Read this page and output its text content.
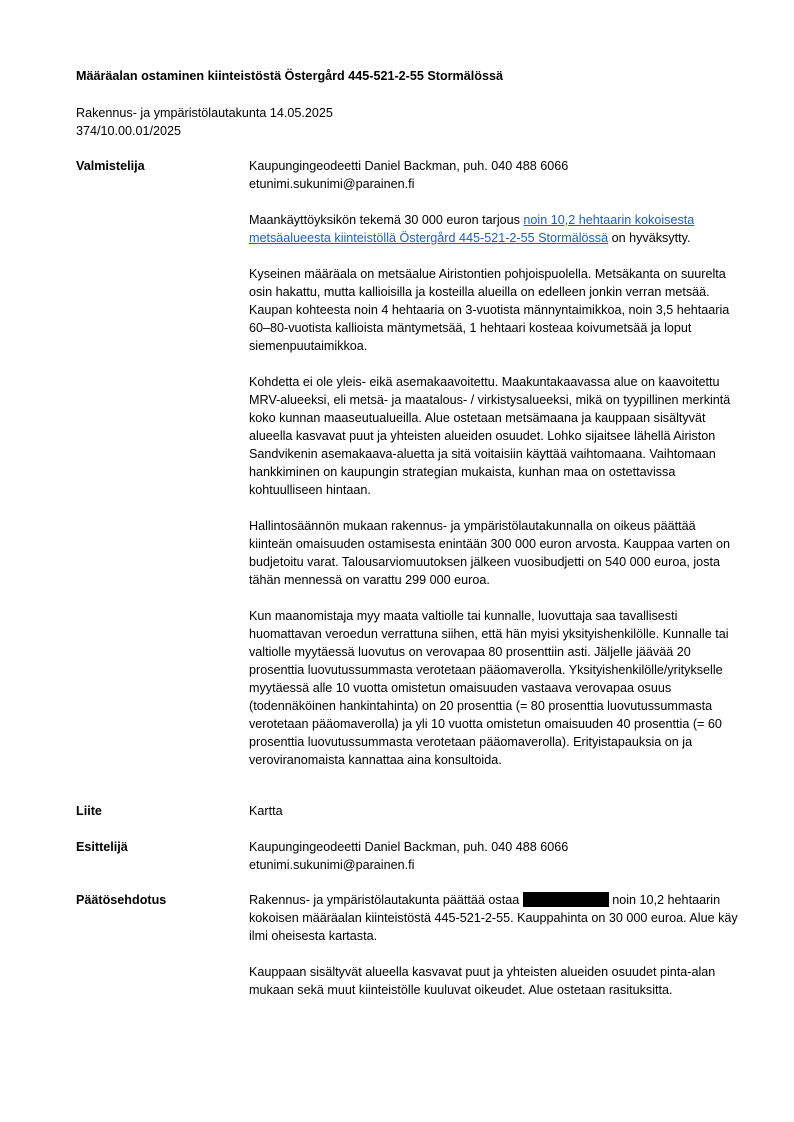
Määräalan ostaminen kiinteistöstä Östergård 445-521-2-55 Stormälössä
Rakennus- ja ympäristölautakunta 14.05.2025
374/10.00.01/2025
Valmistelija	Kaupungingeodeetti Daniel Backman, puh. 040 488 6066
etunimi.sukunimi@parainen.fi

Maankäyttöyksikön tekemä 30 000 euron tarjous noin 10,2 hehtaarin kokoisesta metsäalueesta kiinteistöllä Östergård 445-521-2-55 Stormälössä on hyväksytty.

Kyseinen määräala on metsäalue Airistontien pohjoispuolella. Metsäkanta on suurelta osin hakattu, mutta kallioisilla ja kosteilla alueilla on edelleen jonkin verran metsää. Kaupan kohteesta noin 4 hehtaaria on 3-vuotista männyntaimikkoa, noin 3,5 hehtaaria 60–80-vuotista kallioista mäntymetsää, 1 hehtaari kosteaa koivumetsää ja loput siemenpuutaimikkoa.

Kohdetta ei ole yleis- eikä asemakaavoitettu. Maakuntakaavassa alue on kaavoitettu MRV-alueeksi, eli metsä- ja maatalous- / virkistysalueeksi, mikä on tyypillinen merkintä koko kunnan maaseutualueilla. Alue ostetaan metsämaana ja kauppaan sisältyvät alueella kasvavat puut ja yhteisten alueiden osuudet. Lohko sijaitsee lähellä Airiston Sandvikenin asemakaava-aluetta ja sitä voitaisiin käyttää vaihtomaana. Vaihtomaan hankkiminen on kaupungin strategian mukaista, kunhan maa on ostettavissa kohtuulliseen hintaan.

Hallintosäännön mukaan rakennus- ja ympäristölautakunnalla on oikeus päättää kiinteän omaisuuden ostamisesta enintään 300 000 euron arvosta. Kauppaa varten on budjetoitu varat. Talousarviomuutoksen jälkeen vuosibudjetti on 540 000 euroa, josta tähän mennessä on varattu 299 000 euroa.

Kun maanomistaja myy maata valtiolle tai kunnalle, luovuttaja saa tavallisesti huomattavan veroedun verrattuna siihen, että hän myisi yksityishenkilölle. Kunnalle tai valtiolle myytäessä luovutus on verovapaa 80 prosenttiin asti. Jäljelle jäävää 20 prosenttia luovutussummasta verotetaan pääomaverolla. Yksityishenkilölle/yritykselle myytäessä alle 10 vuotta omistetun omaisuuden vastaava verovapaa osuus (todennäköinen hankintahinta) on 20 prosenttia (= 80 prosenttia luovutussummasta verotetaan pääomaverolla) ja yli 10 vuotta omistetun omaisuuden 40 prosenttia (= 60 prosenttia luovutussummasta verotetaan pääomaverolla). Erityistapauksia on ja veroviranomaista kannattaa aina konsultoida.

Liite	Kartta
Esittelijä	Kaupungingeodeetti Daniel Backman, puh. 040 488 6066
etunimi.sukunimi@parainen.fi

Päätösehdotus	Rakennus- ja ympäristölautakunta päättää ostaa	noin 10,2 hehtaarin kokoisen määräalan kiinteistöstä 445-521-2-55. Kauppahinta on 30 000 euroa. Alue käy ilmi oheisesta kartasta.

Kauppaan sisältyvät alueella kasvavat puut ja yhteisten alueiden osuudet pinta-alan mukaan sekä muut kiinteistölle kuuluvat oikeudet. Alue ostetaan rasituksitta.
